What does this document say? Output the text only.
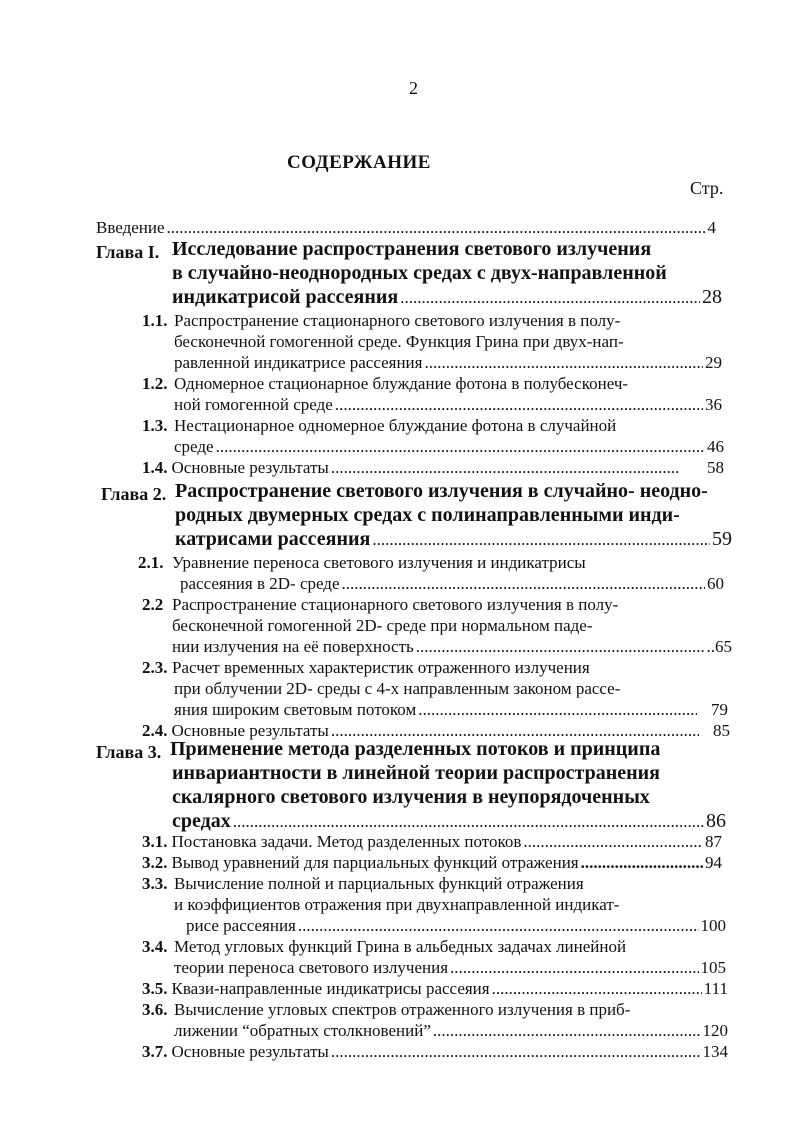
2
СОДЕРЖАНИЕ
Стр.
Введение .....	4
Глава I. Исследование распространения светового излучения
в случайно-неоднородных средах с двух-направленной
индикатрисой рассеяния .....	28
1.1. Распространение стационарного светового излучения в полу-
бесконечной гомогенной среде. Функция Грина при двух-нап-
равленной индикатрисе рассеяния .....	29
1.2. Одномерное стационарное блуждание фотона в полубесконеч-
ной гомогенной среде .....	36
1.3. Нестационарное одномерное блуждание фотона в случайной
среде .....	46
1.4. Основные результаты .....	58
Глава 2. Распространение светового излучения в случайно- неодно-
родных двумерных средах с полинаправленными инди-
катрисами рассеяния .....	59
2.1. Уравнение переноса светового излучения и индикатрисы
рассеяния в 2D- среде .....	60
2.2 Распространение стационарного светового излучения в полу-
бесконечной гомогенной 2D- среде при нормальном паде-
нии излучения на её поверхность .....	..65
2.3. Расчет временных характеристик отраженного излучения
при облучении 2D- среды с 4-х направленным законом рассе-
яния широким световым потоком .....	79
2.4. Основные результаты .....	85
Глава 3. Применение метода разделенных потоков и принципа
инвариантности в линейной теории распространения
скалярного светового излучения в неупорядоченных
средах .....	86
3.1. Постановка задачи. Метод разделенных потоков .....	87
3.2. Вывод уравнений для парциальных функций отражения .....	94
3.3. Вычисление полной и парциальных функций отражения
и коэффициентов отражения при двухнаправленной индикат-
рисе рассеяния .....	100
3.4. Метод угловых функций Грина в альбедных задачах линейной
теории переноса светового излучения .....	105
3.5. Квази-направленные индикатрисы рассеяия .....	111
3.6. Вычисление угловых спектров отраженного излучения в приб-
лижении “обратных столкновений” .....	120
3.7. Основные результаты .....	134
